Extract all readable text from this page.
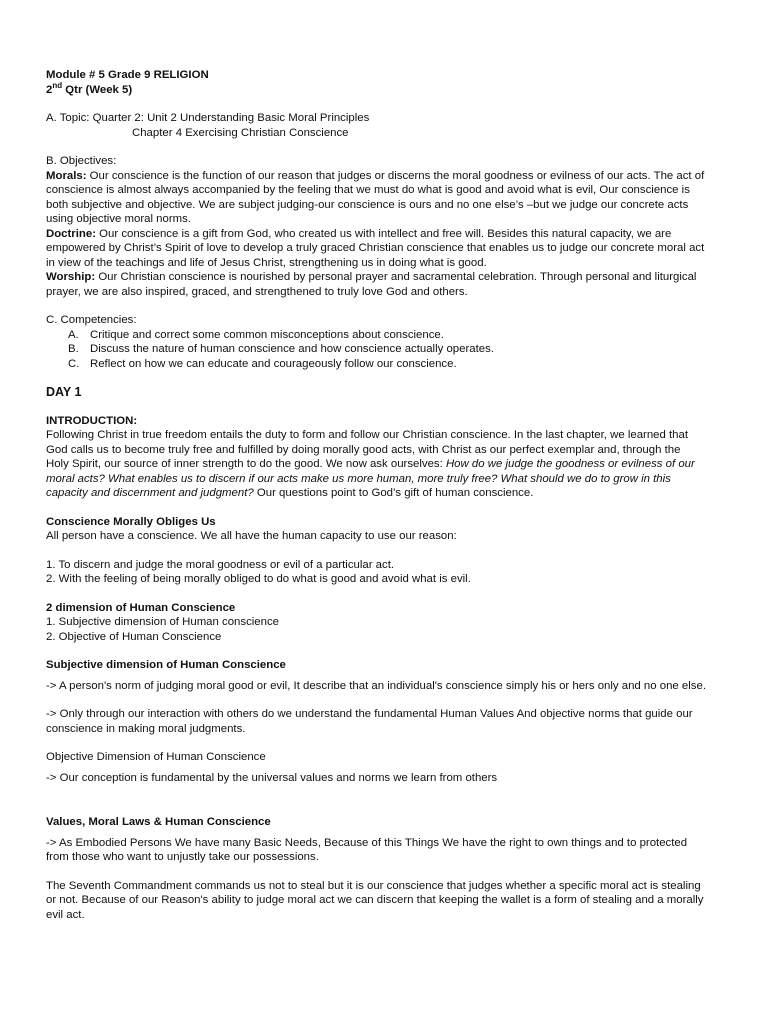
Module # 5 Grade 9 RELIGION

2nd Qtr (Week 5)

A. Topic: Quarter 2: Unit 2 Understanding Basic Moral Principles

Chapter 4 Exercising Christian Conscience

B. Objectives:

Morals: Our conscience is the function of our reason that judges or discerns the moral goodness or evilness of our acts. The act of conscience is almost always accompanied by the feeling that we must do what is good and avoid what is evil, Our conscience is both subjective and objective. We are subject judging-our conscience is ours and no one else’s –but we judge our concrete acts using objective moral norms.

Doctrine: Our conscience is a gift from God, who created us with intellect and free will. Besides this natural capacity, we are empowered by Christ’s Spirit of love to develop a truly graced Christian conscience that enables us to judge our concrete moral act in view of the teachings and life of Jesus Christ, strengthening us in doing what is good.

Worship: Our Christian conscience is nourished by personal prayer and sacramental celebration. Through personal and liturgical prayer, we are also inspired, graced, and strengthened to truly love God and others.

C. Competencies:

A. Critique and correct some common misconceptions about conscience.

B. Discuss the nature of human conscience and how conscience actually operates.

C. Reflect on how we can educate and courageously follow our conscience.

DAY 1

INTRODUCTION:

Following Christ in true freedom entails the duty to form and follow our Christian conscience. In the last chapter, we learned that God calls us to become truly free and fulfilled by doing morally good acts, with Christ as our perfect exemplar and, through the Holy Spirit, our source of inner strength to do the good. We now ask ourselves: How do we judge the goodness or evilness of our moral acts? What enables us to discern if our acts make us more human, more truly free? What should we do to grow in this capacity and discernment and judgment? Our questions point to God’s gift of human conscience.

Conscience Morally Obliges Us

All person have a conscience. We all have the human capacity to use our reason:

1. To discern and judge the moral goodness or evil of a particular act.

2. With the feeling of being morally obliged to do what is good and avoid what is evil.

2 dimension of Human Conscience

1. Subjective dimension of Human conscience

2. Objective of Human Conscience

Subjective dimension of Human Conscience

-> A person's norm of judging moral good or evil, It describe that an individual's conscience simply his or hers only and no one else.

-> Only through our interaction with others do we understand the fundamental Human Values And objective norms that guide our conscience in making moral judgments.

Objective Dimension of Human Conscience

-> Our conception is fundamental by the universal values and norms we learn from others

Values, Moral Laws & Human Conscience

-> As Embodied Persons We have many Basic Needs, Because of this Things We have the right to own things and to protected from those who want to unjustly take our possessions.

The Seventh Commandment commands us not to steal but it is our conscience that judges whether a specific moral act is stealing or not. Because of our Reason's ability to judge moral act we can discern that keeping the wallet is a form of stealing and a morally evil act.
